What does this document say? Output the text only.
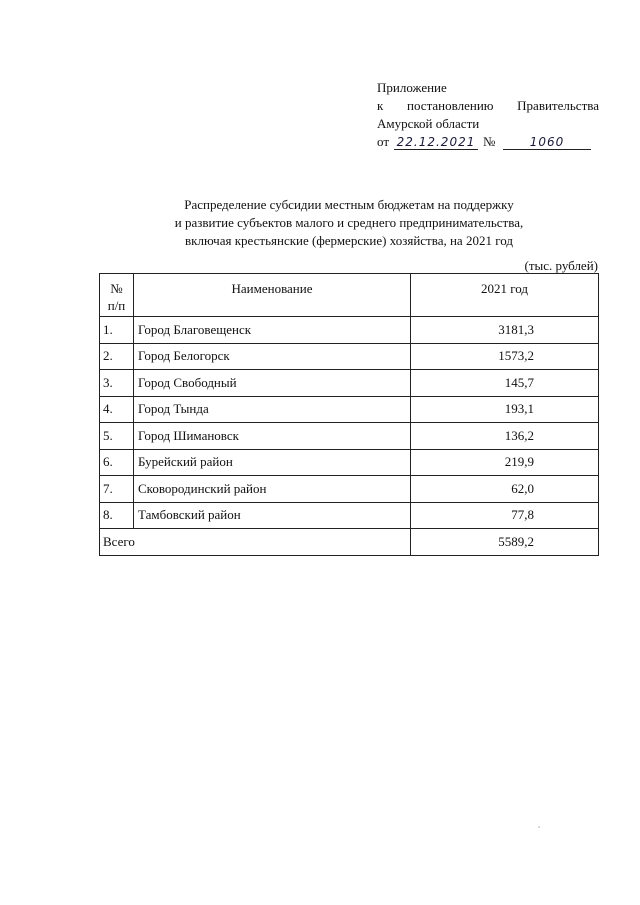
Приложение
к постановлению Правительства
Амурской области
от 22.12.2021 №	1060
Распределение субсидии местным бюджетам на поддержку
и развитие субъектов малого и среднего предпринимательства,
включая крестьянские (фермерские) хозяйства, на 2021 год
(тыс. рублей)
№
п/п	Наименование	2021 год
1.	Город Благовещенск	3181,3
2.	Город Белогорск	1573,2
3.	Город Свободный	145,7
4.	Город Тында	193,1
5.	Город Шимановск	136,2
6.	Бурейский район	219,9
7.	Сковородинский район	62,0
8.	Тамбовский район	77,8
Всего		5589,2
